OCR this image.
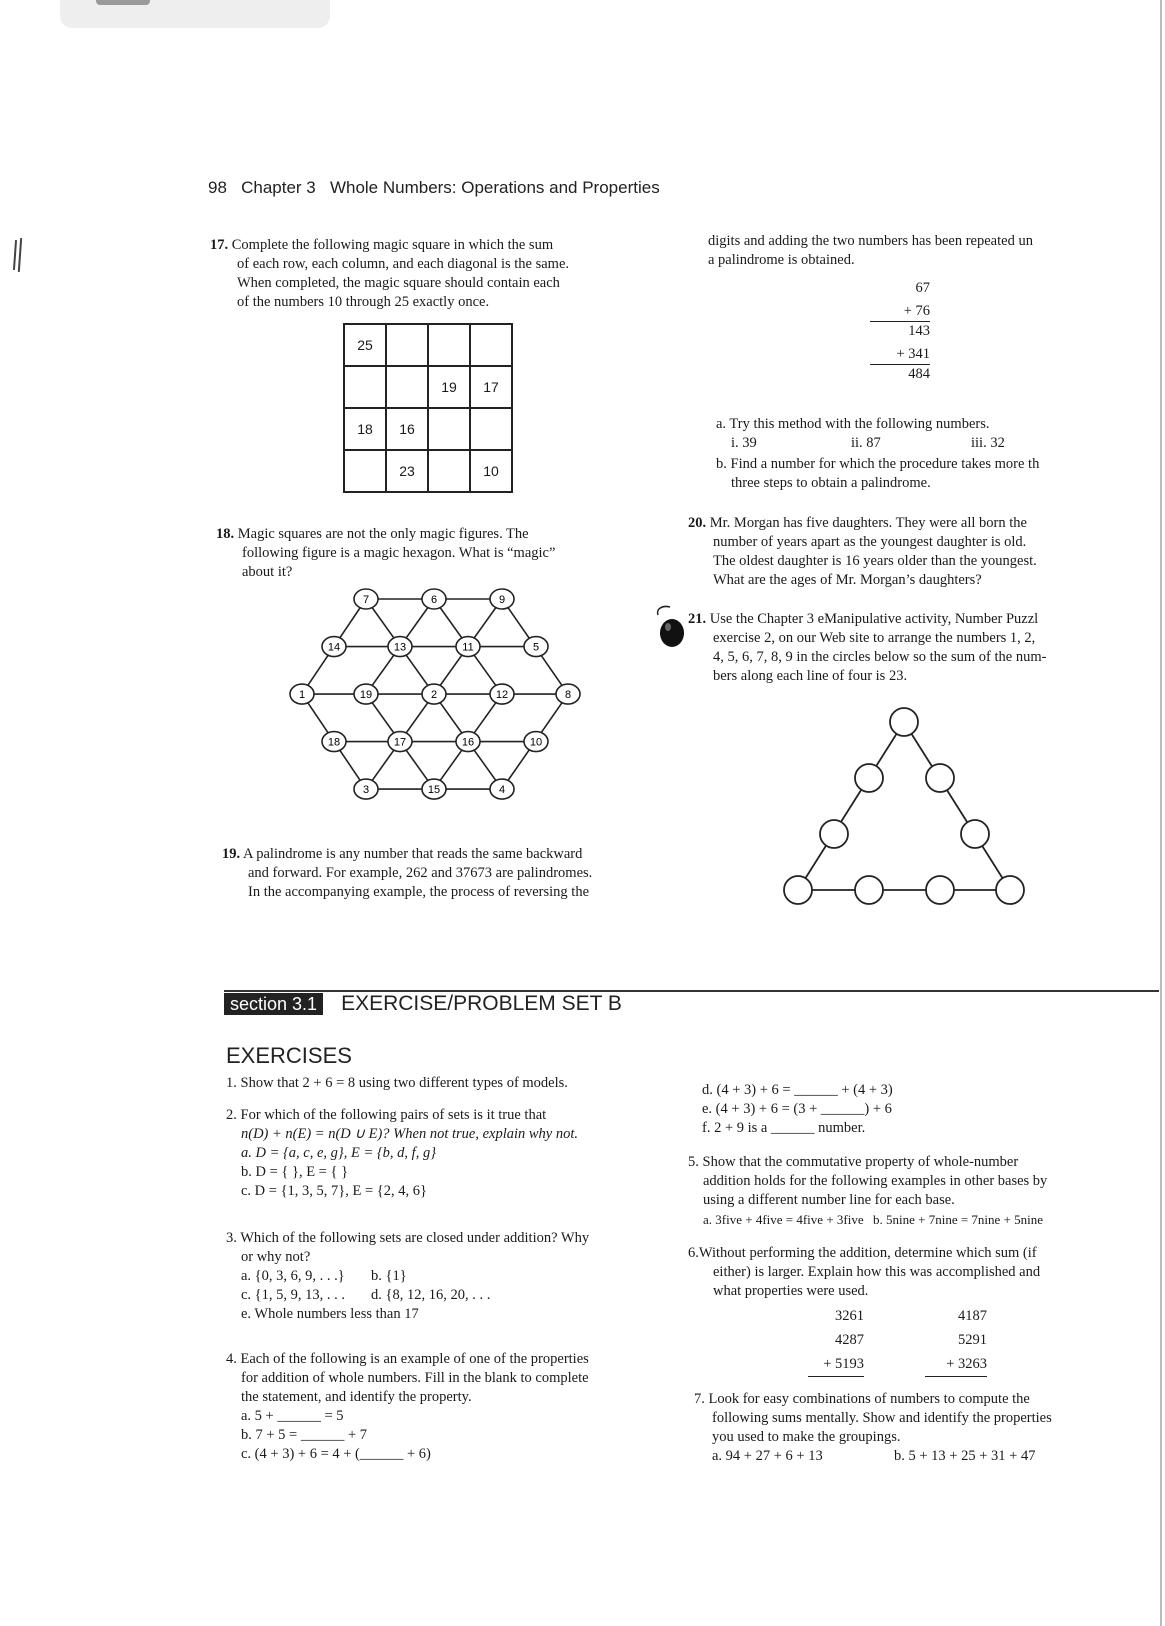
98 Chapter 3 Whole Numbers: Operations and Properties
17. Complete the following magic square in which the sum
of each row, each column, and each diagonal is the same.
When completed, the magic square should contain each
of the numbers 10 through 25 exactly once.
25			
		19	17
18	16		
	23		10
18. Magic squares are not the only magic figures. The
following figure is a magic hexagon. What is “magic”
about it?
7	6	9
14	13	11	5
1	19	2	12	8
18	17	16	10
3	15	4
19. A palindrome is any number that reads the same backward
and forward. For example, 262 and 37673 are palindromes.
In the accompanying example, the process of reversing the
digits and adding the two numbers has been repeated un
a palindrome is obtained.
67
+ 76
143
+ 341
484
a. Try this method with the following numbers.
i. 39	ii. 87	iii. 32
b. Find a number for which the procedure takes more th
three steps to obtain a palindrome.
20. Mr. Morgan has five daughters. They were all born the
number of years apart as the youngest daughter is old.
The oldest daughter is 16 years older than the youngest.
What are the ages of Mr. Morgan’s daughters?
21. Use the Chapter 3 eManipulative activity, Number Puzzl
exercise 2, on our Web site to arrange the numbers 1, 2,
4, 5, 6, 7, 8, 9 in the circles below so the sum of the num-
bers along each line of four is 23.
section 3.1 EXERCISE/PROBLEM SET B
EXERCISES
1. Show that 2 + 6 = 8 using two different types of models.
2. For which of the following pairs of sets is it true that
n(D) + n(E) = n(D ∪ E)? When not true, explain why not.
a. D = {a, c, e, g}, E = {b, d, f, g}
b. D = { }, E = { }
c. D = {1, 3, 5, 7}, E = {2, 4, 6}
3. Which of the following sets are closed under addition? Why
or why not?
a. {0, 3, 6, 9, . . .} b. {1}
c. {1, 5, 9, 13, . . . d. {8, 12, 16, 20, . . .
e. Whole numbers less than 17
4. Each of the following is an example of one of the properties
for addition of whole numbers. Fill in the blank to complete
the statement, and identify the property.
a. 5 + ______ = 5
b. 7 + 5 = ______ + 7
c. (4 + 3) + 6 = 4 + (______ + 6)
d. (4 + 3) + 6 = ______ + (4 + 3)
e. (4 + 3) + 6 = (3 + ______) + 6
f. 2 + 9 is a ______ number.
5. Show that the commutative property of whole-number
addition holds for the following examples in other bases by
using a different number line for each base.
a. 3five + 4five = 4five + 3five b. 5nine + 7nine = 7nine + 5nine
6.Without performing the addition, determine which sum (if
either) is larger. Explain how this was accomplished and
what properties were used.
3261
4287
+ 5193
4187
5291
+ 3263
7. Look for easy combinations of numbers to compute the
following sums mentally. Show and identify the properties
you used to make the groupings.
a. 94 + 27 + 6 + 13	b. 5 + 13 + 25 + 31 + 47
